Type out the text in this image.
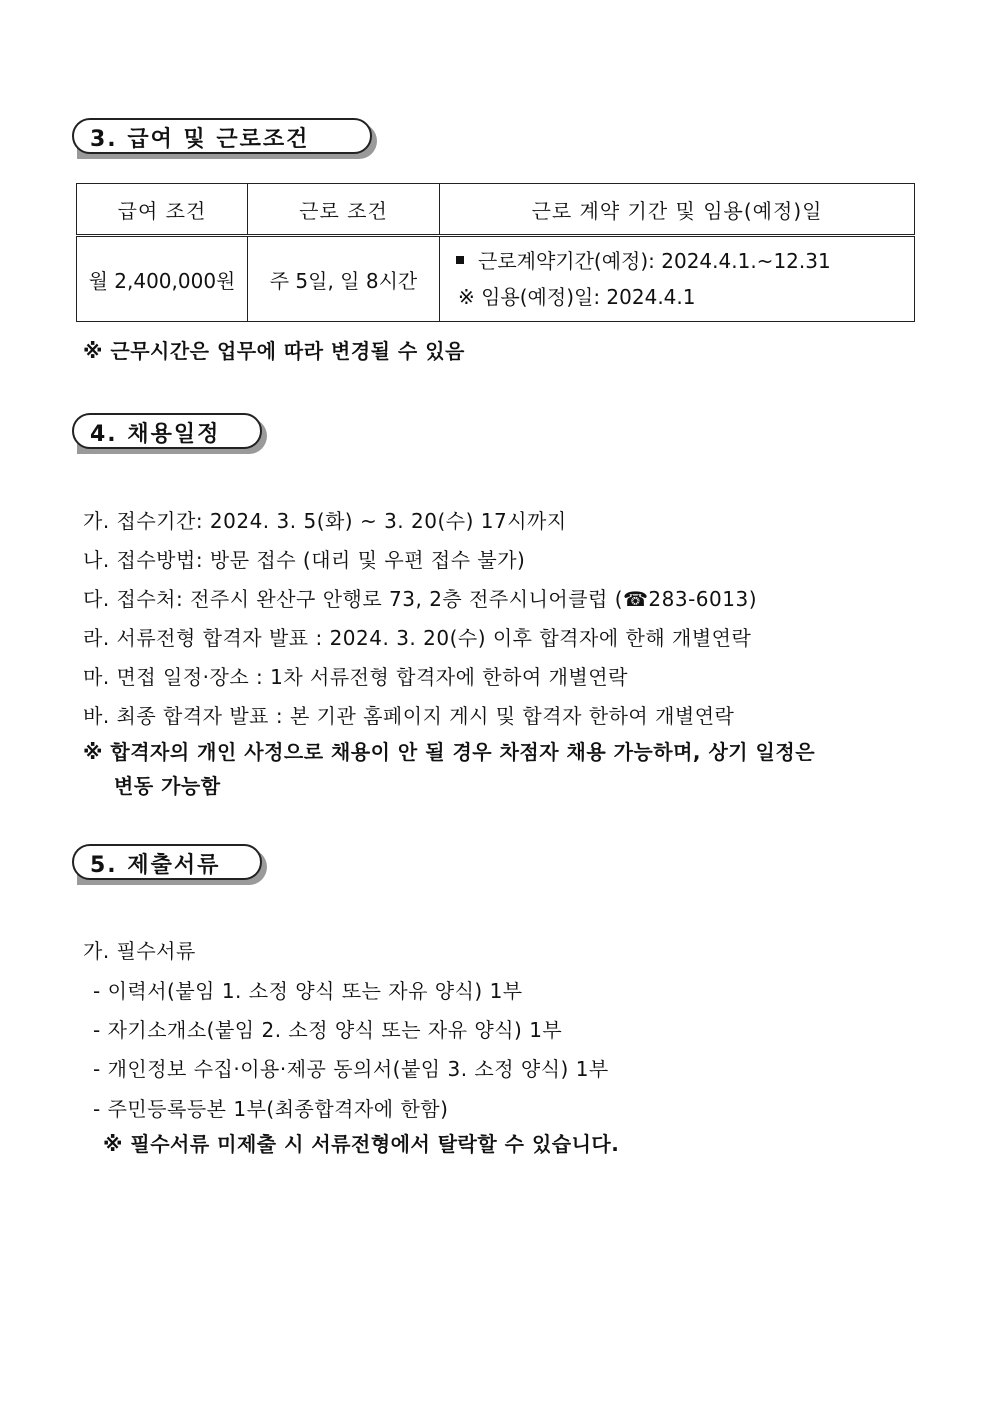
3. 급여 및 근로조건
급여 조건	근로 조건	근로 계약 기간 및 임용(예정)일
월 2,400,000원	주 5일, 일 8시간	근로계약기간(예정): 2024.4.1.~12.31
※ 임용(예정)일: 2024.4.1
※ 근무시간은 업무에 따라 변경될 수 있음
4. 채용일정
가. 접수기간: 2024. 3. 5(화) ~ 3. 20(수) 17시까지
나. 접수방법: 방문 접수 (대리 및 우편 접수 불가)
다. 접수처: 전주시 완산구 안행로 73, 2층 전주시니어클럽 (☎283-6013)
라. 서류전형 합격자 발표 : 2024. 3. 20(수) 이후 합격자에 한해 개별연락
마. 면접 일정·장소 : 1차 서류전형 합격자에 한하여 개별연락
바. 최종 합격자 발표 : 본 기관 홈페이지 게시 및 합격자 한하여 개별연락
※ 합격자의 개인 사정으로 채용이 안 될 경우 차점자 채용 가능하며, 상기 일정은
변동 가능함
5. 제출서류
가. 필수서류
- 이력서(붙임 1. 소정 양식 또는 자유 양식) 1부
- 자기소개소(붙임 2. 소정 양식 또는 자유 양식) 1부
- 개인정보 수집·이용·제공 동의서(붙임 3. 소정 양식) 1부
- 주민등록등본 1부(최종합격자에 한함)
※ 필수서류 미제출 시 서류전형에서 탈락할 수 있습니다.
